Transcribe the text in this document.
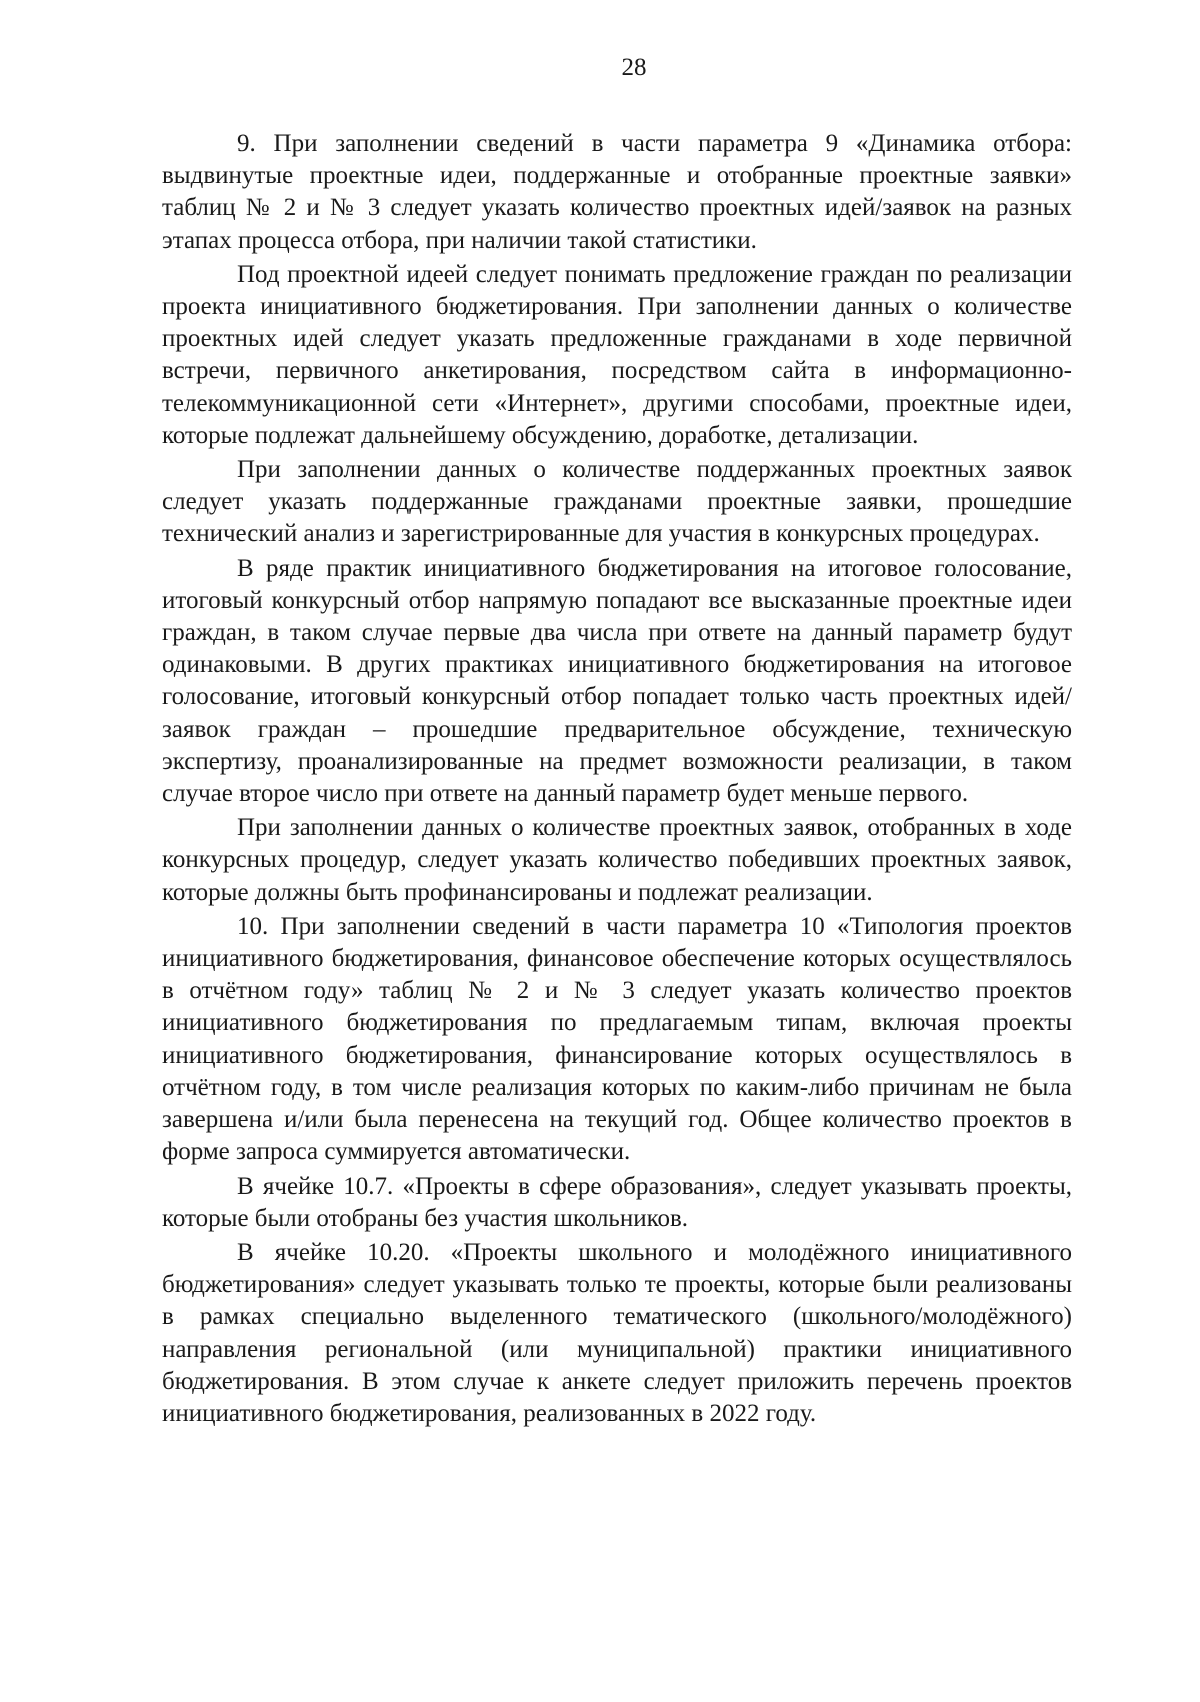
28

9. При заполнении сведений в части параметра 9 «Динамика отбора: выдвинутые проектные идеи, поддержанные и отобранные проектные заявки» таблиц № 2 и № 3 следует указать количество проектных идей/заявок на разных этапах процесса отбора, при наличии такой статистики.

Под проектной идеей следует понимать предложение граждан по реализации проекта инициативного бюджетирования. При заполнении данных о количестве проектных идей следует указать предложенные гражданами в ходе первичной встречи, первичного анкетирования, посредством сайта в информационно-телекоммуникационной сети «Интернет», другими способами, проектные идеи, которые подлежат дальнейшему обсуждению, доработке, детализации.

При заполнении данных о количестве поддержанных проектных заявок следует указать поддержанные гражданами проектные заявки, прошедшие технический анализ и зарегистрированные для участия в конкурсных процедурах.

В ряде практик инициативного бюджетирования на итоговое голосование, итоговый конкурсный отбор напрямую попадают все высказанные проектные идеи граждан, в таком случае первые два числа при ответе на данный параметр будут одинаковыми. В других практиках инициативного бюджетирования на итоговое голосование, итоговый конкурсный отбор попадает только часть проектных идей/заявок граждан – прошедшие предварительное обсуждение, техническую экспертизу, проанализированные на предмет возможности реализации, в таком случае второе число при ответе на данный параметр будет меньше первого.

При заполнении данных о количестве проектных заявок, отобранных в ходе конкурсных процедур, следует указать количество победивших проектных заявок, которые должны быть профинансированы и подлежат реализации.

10. При заполнении сведений в части параметра 10 «Типология проектов инициативного бюджетирования, финансовое обеспечение которых осуществлялось в отчётном году» таблиц № 2 и № 3 следует указать количество проектов инициативного бюджетирования по предлагаемым типам, включая проекты инициативного бюджетирования, финансирование которых осуществлялось в отчётном году, в том числе реализация которых по каким-либо причинам не была завершена и/или была перенесена на текущий год. Общее количество проектов в форме запроса суммируется автоматически.

В ячейке 10.7. «Проекты в сфере образования», следует указывать проекты, которые были отобраны без участия школьников.

В ячейке 10.20. «Проекты школьного и молодёжного инициативного бюджетирования» следует указывать только те проекты, которые были реализованы в рамках специально выделенного тематического (школьного/молодёжного) направления региональной (или муниципальной) практики инициативного бюджетирования. В этом случае к анкете следует приложить перечень проектов инициативного бюджетирования, реализованных в 2022 году.
